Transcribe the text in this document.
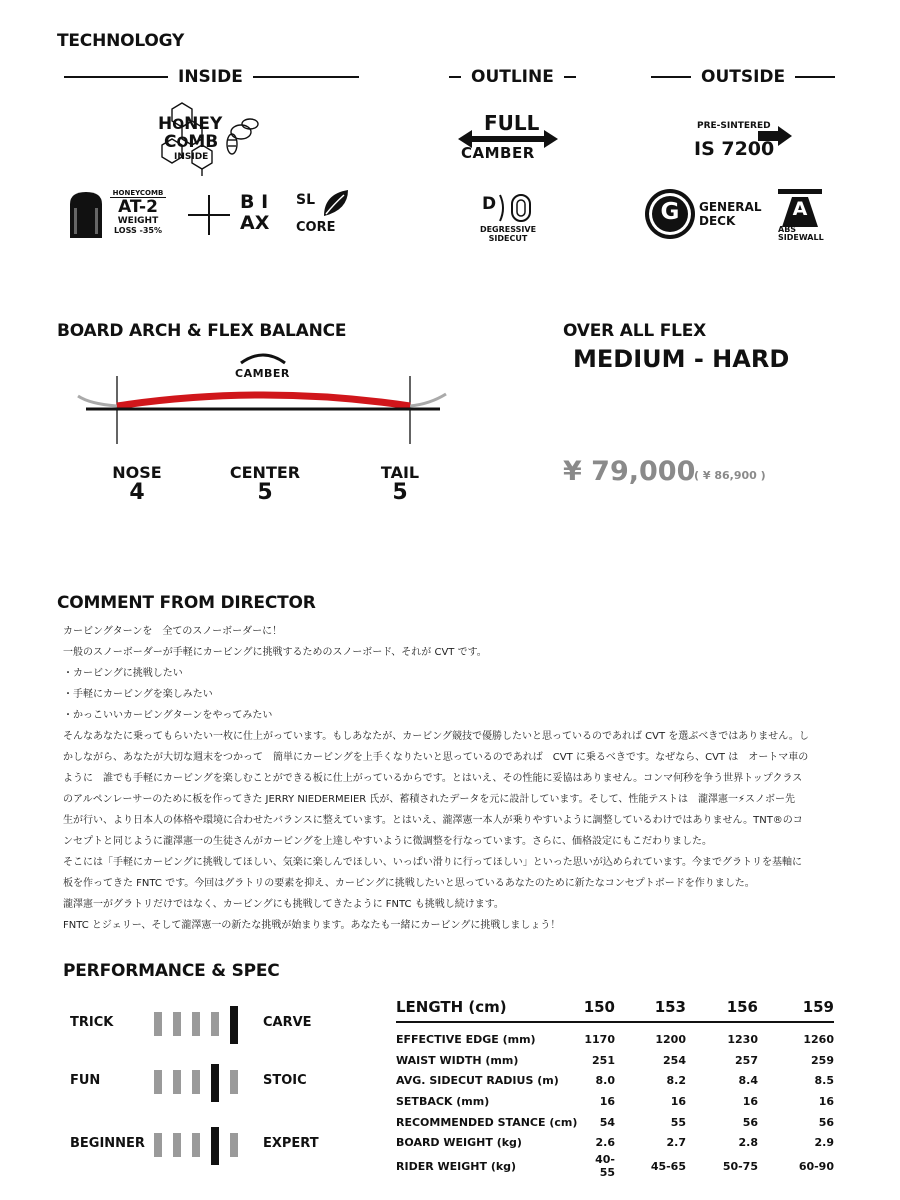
TECHNOLOGY
INSIDE	OUTLINE	OUTSIDE
HONEY
COMB
INSIDE
HONEYCOMB
AT-2
WEIGHT
LOSS -35%
B I
AX
SL
CORE
FULL
CAMBER
D
DEGRESSIVE
SIDECUT
PRE-SINTERED
IS 7200
G	GENERAL
DECK
A
ABS
SIDEWALL
BOARD ARCH & FLEX BALANCE
CAMBER
NOSE
4
CENTER
5
TAIL
5
OVER ALL FLEX
MEDIUM - HARD
¥ 79,000
( ¥ 86,900 )
COMMENT FROM DIRECTOR
カービングターンを　全てのスノーボーダーに！
一般のスノーボーダーが手軽にカービングに挑戦するためのスノーボード、それが CVT です。
・カービングに挑戦したい
・手軽にカービングを楽しみたい
・かっこいいカービングターンをやってみたい
そんなあなたに乗ってもらいたい一枚に仕上がっています。もしあなたが、カービング競技で優勝したいと思っているのであれば CVT を選ぶべきではありません。し
かしながら、あなたが大切な週末をつかって　簡単にカービングを上手くなりたいと思っているのであれば　CVT に乗るべきです。なぜなら、CVT は　オートマ車の
ように　誰でも手軽にカービングを楽しむことができる板に仕上がっているからです。とはいえ、その性能に妥協はありません。コンマ何秒を争う世界トップクラス
のアルペンレーサーのために板を作ってきた JERRY NIEDERMEIER 氏が、蓄積されたデータを元に設計しています。そして、性能テストは　瀧澤憲一⚡スノボー先
生が行い、より日本人の体格や環境に合わせたバランスに整えています。とはいえ、瀧澤憲一本人が乗りやすいように調整しているわけではありません。TNT®のコ
ンセプトと同じように瀧澤憲一の生徒さんがカービングを上達しやすいように微調整を行なっています。さらに、価格設定にもこだわりました。
そこには「手軽にカービングに挑戦してほしい、気楽に楽しんでほしい、いっぱい滑りに行ってほしい」といった思いが込められています。今までグラトリを基軸に
板を作ってきた FNTC です。今回はグラトリの要素を抑え、カービングに挑戦したいと思っているあなたのために新たなコンセプトボードを作りました。
瀧澤憲一がグラトリだけではなく、カービングにも挑戦してきたように FNTC も挑戦し続けます。
FNTC とジェリー、そして瀧澤憲一の新たな挑戦が始まります。あなたも一緒にカービングに挑戦しましょう！
PERFORMANCE & SPEC
TRICK	CARVE
FUN	STOIC
BEGINNER	EXPERT
LENGTH (cm)	150	153	156	159
EFFECTIVE EDGE (mm)	1170	1200	1230	1260
WAIST WIDTH (mm)	251	254	257	259
AVG. SIDECUT RADIUS (m)	8.0	8.2	8.4	8.5
SETBACK (mm)	16	16	16	16
RECOMMENDED STANCE (cm)	54	55	56	56
BOARD WEIGHT (kg)	2.6	2.7	2.8	2.9
RIDER WEIGHT (kg)	40-55	45-65	50-75	60-90
